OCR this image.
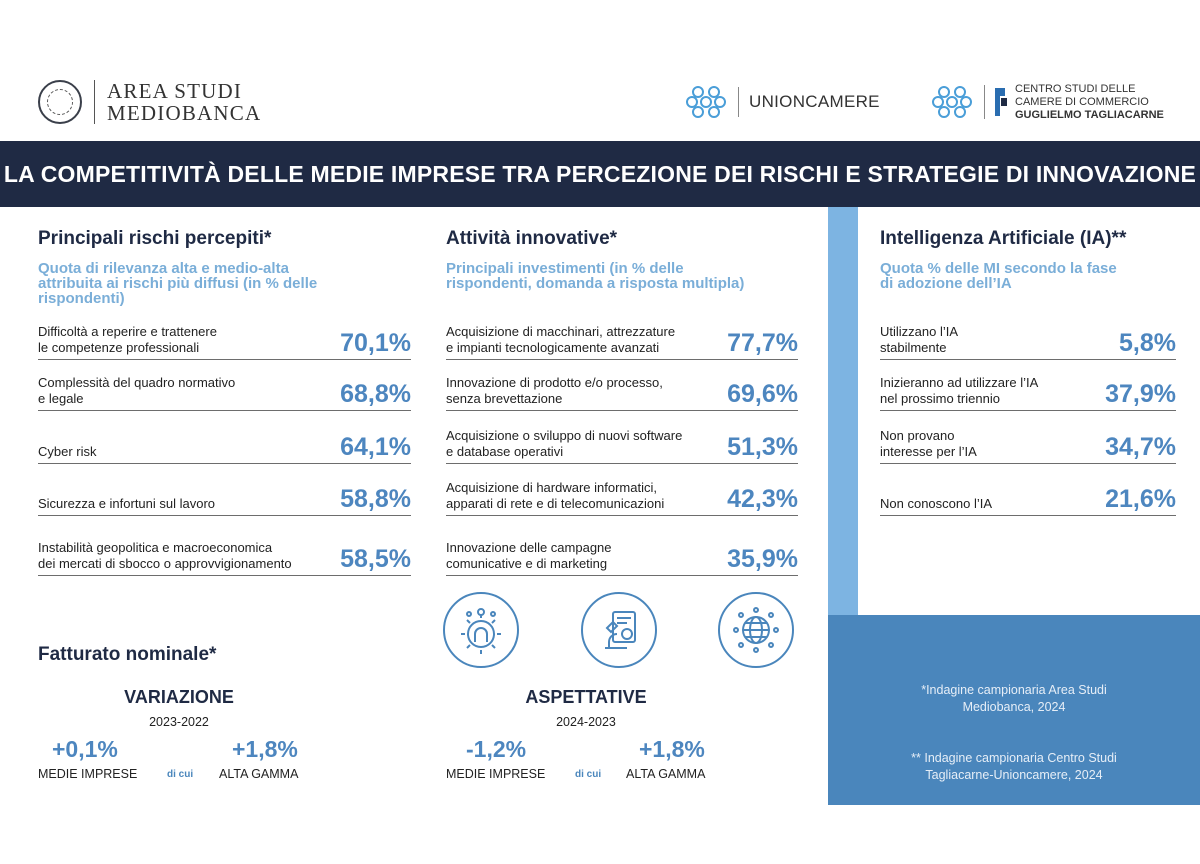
AREA STUDI
MEDIOBANCA	UNIONCAMERE
CENTRO STUDI DELLE
CAMERE DI COMMERCIO
GUGLIELMO TAGLIACARNE
LA COMPETITIVITÀ DELLE MEDIE IMPRESE TRA PERCEZIONE DEI RISCHI E STRATEGIE DI INNOVAZIONE
Principali rischi percepiti*
Quota di rilevanza alta e medio-alta
attribuita ai rischi più diffusi (in % delle
rispondenti)
Difficoltà a reperire e trattenere
le competenze professionali	70,1%
Complessità del quadro normativo
e legale	68,8%
Cyber risk	64,1%
Sicurezza e infortuni sul lavoro	58,8%
Instabilità geopolitica e macroeconomica
dei mercati di sbocco o approvvigionamento 58,5%
Attività innovative*
Principali investimenti (in % delle
rispondenti, domanda a risposta multipla)
Acquisizione di macchinari, attrezzature
e impianti tecnologicamente avanzati	77,7%
Innovazione di prodotto e/o processo,
senza brevettazione	69,6%
Acquisizione o sviluppo di nuovi software
e database operativi	51,3%
Acquisizione di hardware informatici,
apparati di rete e di telecomunicazioni	42,3%
Innovazione delle campagne
comunicative e di marketing	35,9%
Intelligenza Artificiale (IA)**
Quota % delle MI secondo la fase
di adozione dell’IA
Utilizzano l’IA
stabilmente	5,8%
Inizieranno ad utilizzare l’IA
nel prossimo triennio	37,9%
Non provano
interesse per l’IA	34,7%
Non conoscono l’IA	21,6%
*Indagine campionaria Area Studi
Mediobanca, 2024
** Indagine campionaria Centro Studi
Tagliacarne-Unioncamere, 2024
Fatturato nominale*
VARIAZIONE
2023-2022
+0,1%
MEDIE IMPRESE	di cui
+1,8%
ALTA GAMMA
ASPETTATIVE
2024-2023
-1,2%
MEDIE IMPRESE	di cui
+1,8%
ALTA GAMMA
